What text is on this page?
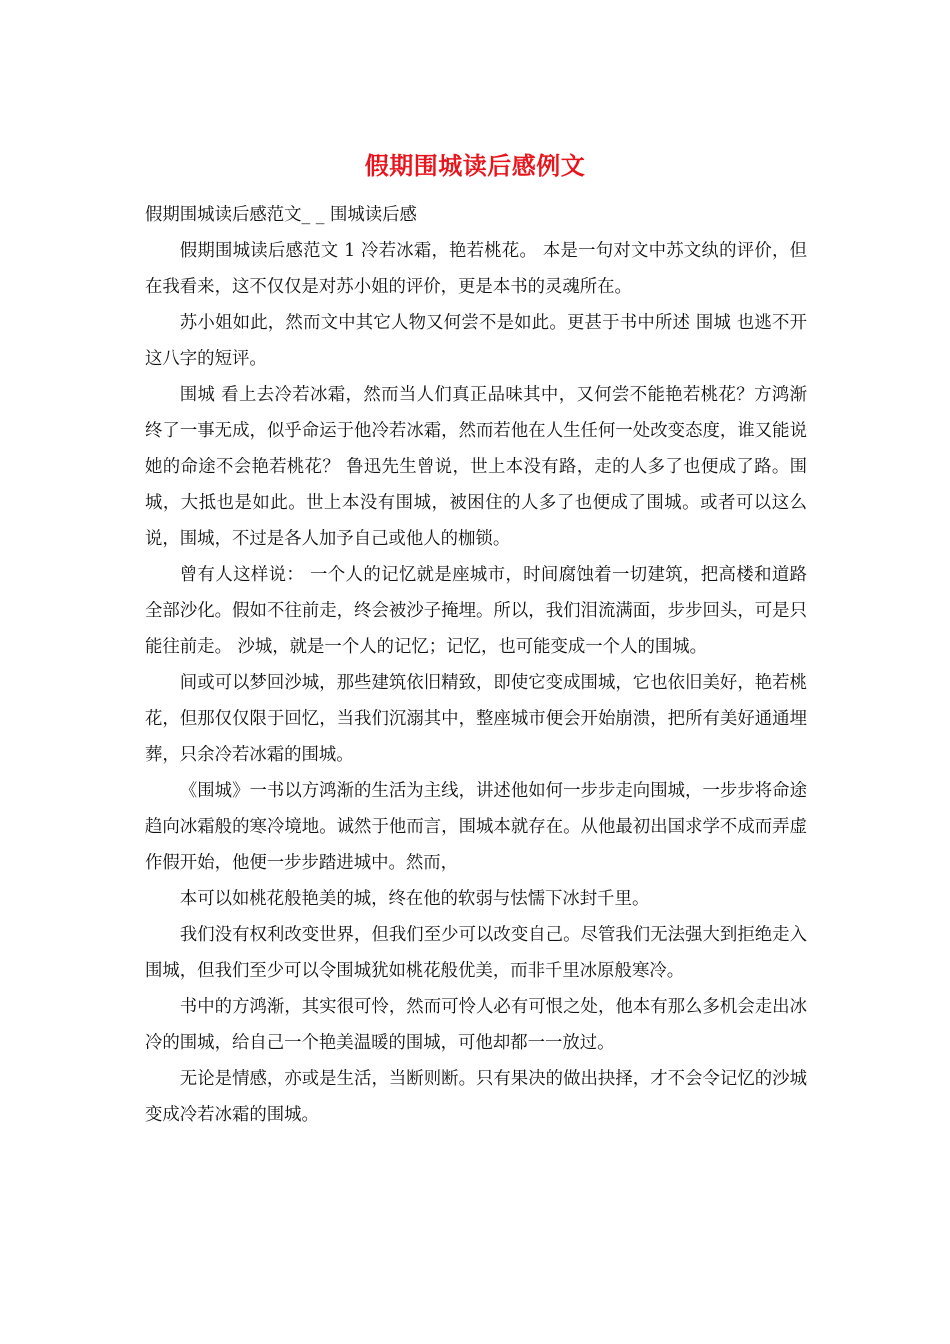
假期围城读后感例文

假期围城读后感范文_ _ 围城读后感

假期围城读后感范文 1 冷若冰霜，艳若桃花。 本是一句对文中苏文纨的评价，但在我看来，这不仅仅是对苏小姐的评价，更是本书的灵魂所在。

苏小姐如此，然而文中其它人物又何尝不是如此。更甚于书中所述 围城 也逃不开这八字的短评。

围城 看上去冷若冰霜，然而当人们真正品味其中，又何尝不能艳若桃花？方鸿渐终了一事无成，似乎命运于他冷若冰霜，然而若他在人生任何一处改变态度，谁又能说她的命途不会艳若桃花？ 鲁迅先生曾说，世上本没有路，走的人多了也便成了路。围城，大抵也是如此。世上本没有围城，被困住的人多了也便成了围城。或者可以这么说，围城，不过是各人加予自己或他人的枷锁。

曾有人这样说： 一个人的记忆就是座城市，时间腐蚀着一切建筑，把高楼和道路全部沙化。假如不往前走，终会被沙子掩埋。所以，我们泪流满面，步步回头，可是只能往前走。 沙城，就是一个人的记忆；记忆，也可能变成一个人的围城。

间或可以梦回沙城，那些建筑依旧精致，即使它变成围城，它也依旧美好，艳若桃花，但那仅仅限于回忆，当我们沉溺其中，整座城市便会开始崩溃，把所有美好通通埋葬，只余冷若冰霜的围城。

《围城》一书以方鸿渐的生活为主线，讲述他如何一步步走向围城，一步步将命途趋向冰霜般的寒冷境地。诚然于他而言，围城本就存在。从他最初出国求学不成而弄虚作假开始，他便一步步踏进城中。然而，

本可以如桃花般艳美的城，终在他的软弱与怯懦下冰封千里。

我们没有权利改变世界，但我们至少可以改变自己。尽管我们无法强大到拒绝走入围城，但我们至少可以令围城犹如桃花般优美，而非千里冰原般寒冷。

书中的方鸿渐，其实很可怜，然而可怜人必有可恨之处，他本有那么多机会走出冰冷的围城，给自己一个艳美温暖的围城，可他却都一一放过。

无论是情感，亦或是生活，当断则断。只有果决的做出抉择，才不会令记忆的沙城变成冷若冰霜的围城。
